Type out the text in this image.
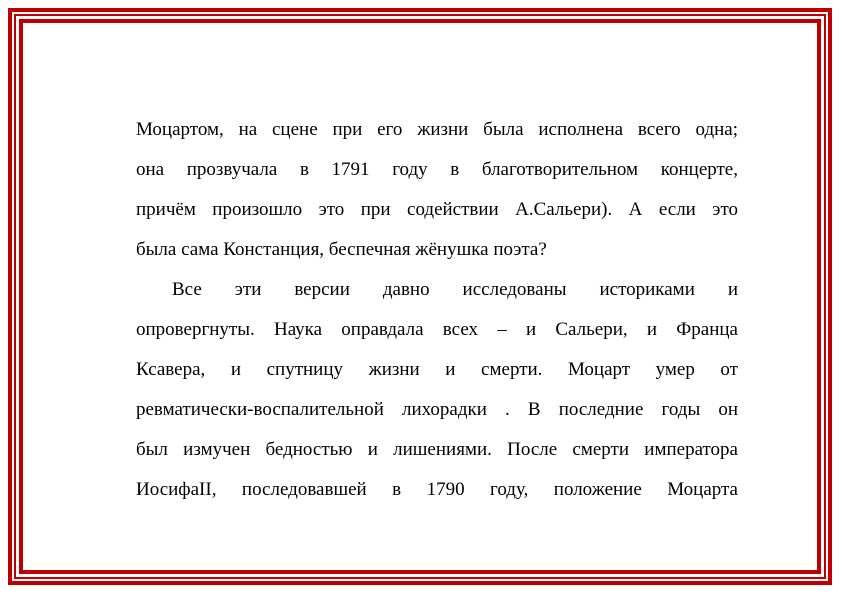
Моцартом, на сцене при его жизни была исполнена всего одна;
она прозвучала в 1791 году в благотворительном концерте,
причём произошло это при содействии А.Сальери). А если это
была сама Констанция, беспечная жёнушка поэта?
Все эти версии давно исследованы историками и
опровергнуты. Наука оправдала всех – и Сальери, и Франца
Ксавера, и спутницу жизни и смерти. Моцарт умер от
ревматически-воспалительной лихорадки . В последние годы он
был измучен бедностью и лишениями. После смерти императора
ИосифаII, последовавшей в 1790 году, положение Моцарта
